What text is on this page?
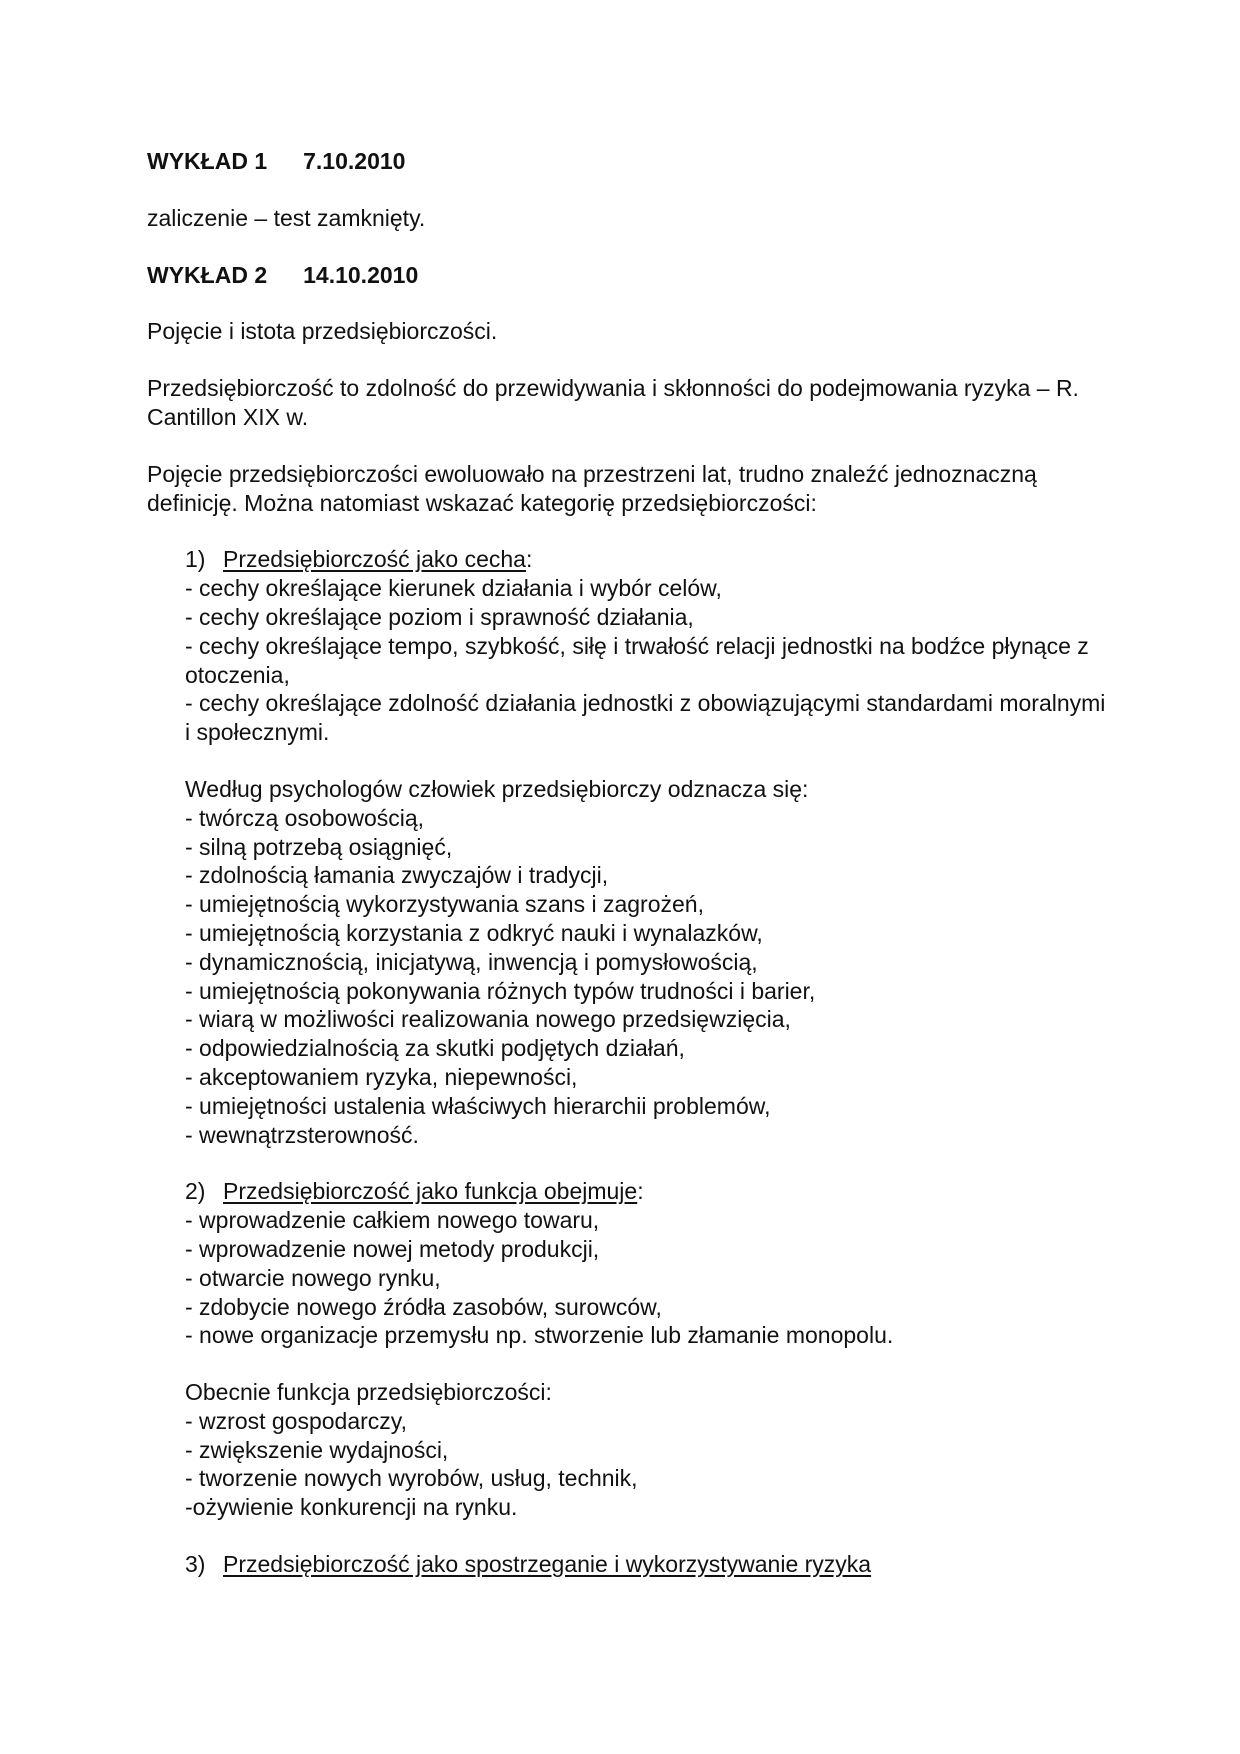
WYKŁAD 1 7.10.2010

zaliczenie – test zamknięty.

WYKŁAD 2 14.10.2010

Pojęcie i istota przedsiębiorczości.

Przedsiębiorczość to zdolność do przewidywania i skłonności do podejmowania ryzyka – R. Cantillon XIX w.

Pojęcie przedsiębiorczości ewoluowało na przestrzeni lat, trudno znaleźć jednoznaczną definicję. Można natomiast wskazać kategorię przedsiębiorczości:

1) Przedsiębiorczość jako cecha:

- cechy określające kierunek działania i wybór celów,
- cechy określające poziom i sprawność działania,
- cechy określające tempo, szybkość, siłę i trwałość relacji jednostki na bodźce płynące z otoczenia,
- cechy określające zdolność działania jednostki z obowiązującymi standardami moralnymi i społecznymi.

Według psychologów człowiek przedsiębiorczy odznacza się:

- twórczą osobowością,
- silną potrzebą osiągnięć,
- zdolnością łamania zwyczajów i tradycji,
- umiejętnością wykorzystywania szans i zagrożeń,
- umiejętnością korzystania z odkryć nauki i wynalazków,
- dynamicznością, inicjatywą, inwencją i pomysłowością,
- umiejętnością pokonywania różnych typów trudności i barier,
- wiarą w możliwości realizowania nowego przedsięwzięcia,
- odpowiedzialnością za skutki podjętych działań,
- akceptowaniem ryzyka, niepewności,
- umiejętności ustalenia właściwych hierarchii problemów,
- wewnątrzsterowność.

2) Przedsiębiorczość jako funkcja obejmuje:

- wprowadzenie całkiem nowego towaru,
- wprowadzenie nowej metody produkcji,
- otwarcie nowego rynku,
- zdobycie nowego źródła zasobów, surowców,
- nowe organizacje przemysłu np. stworzenie lub złamanie monopolu.

Obecnie funkcja przedsiębiorczości:

- wzrost gospodarczy,
- zwiększenie wydajności,
- tworzenie nowych wyrobów, usług, technik,
-ożywienie konkurencji na rynku.

3) Przedsiębiorczość jako spostrzeganie i wykorzystywanie ryzyka
